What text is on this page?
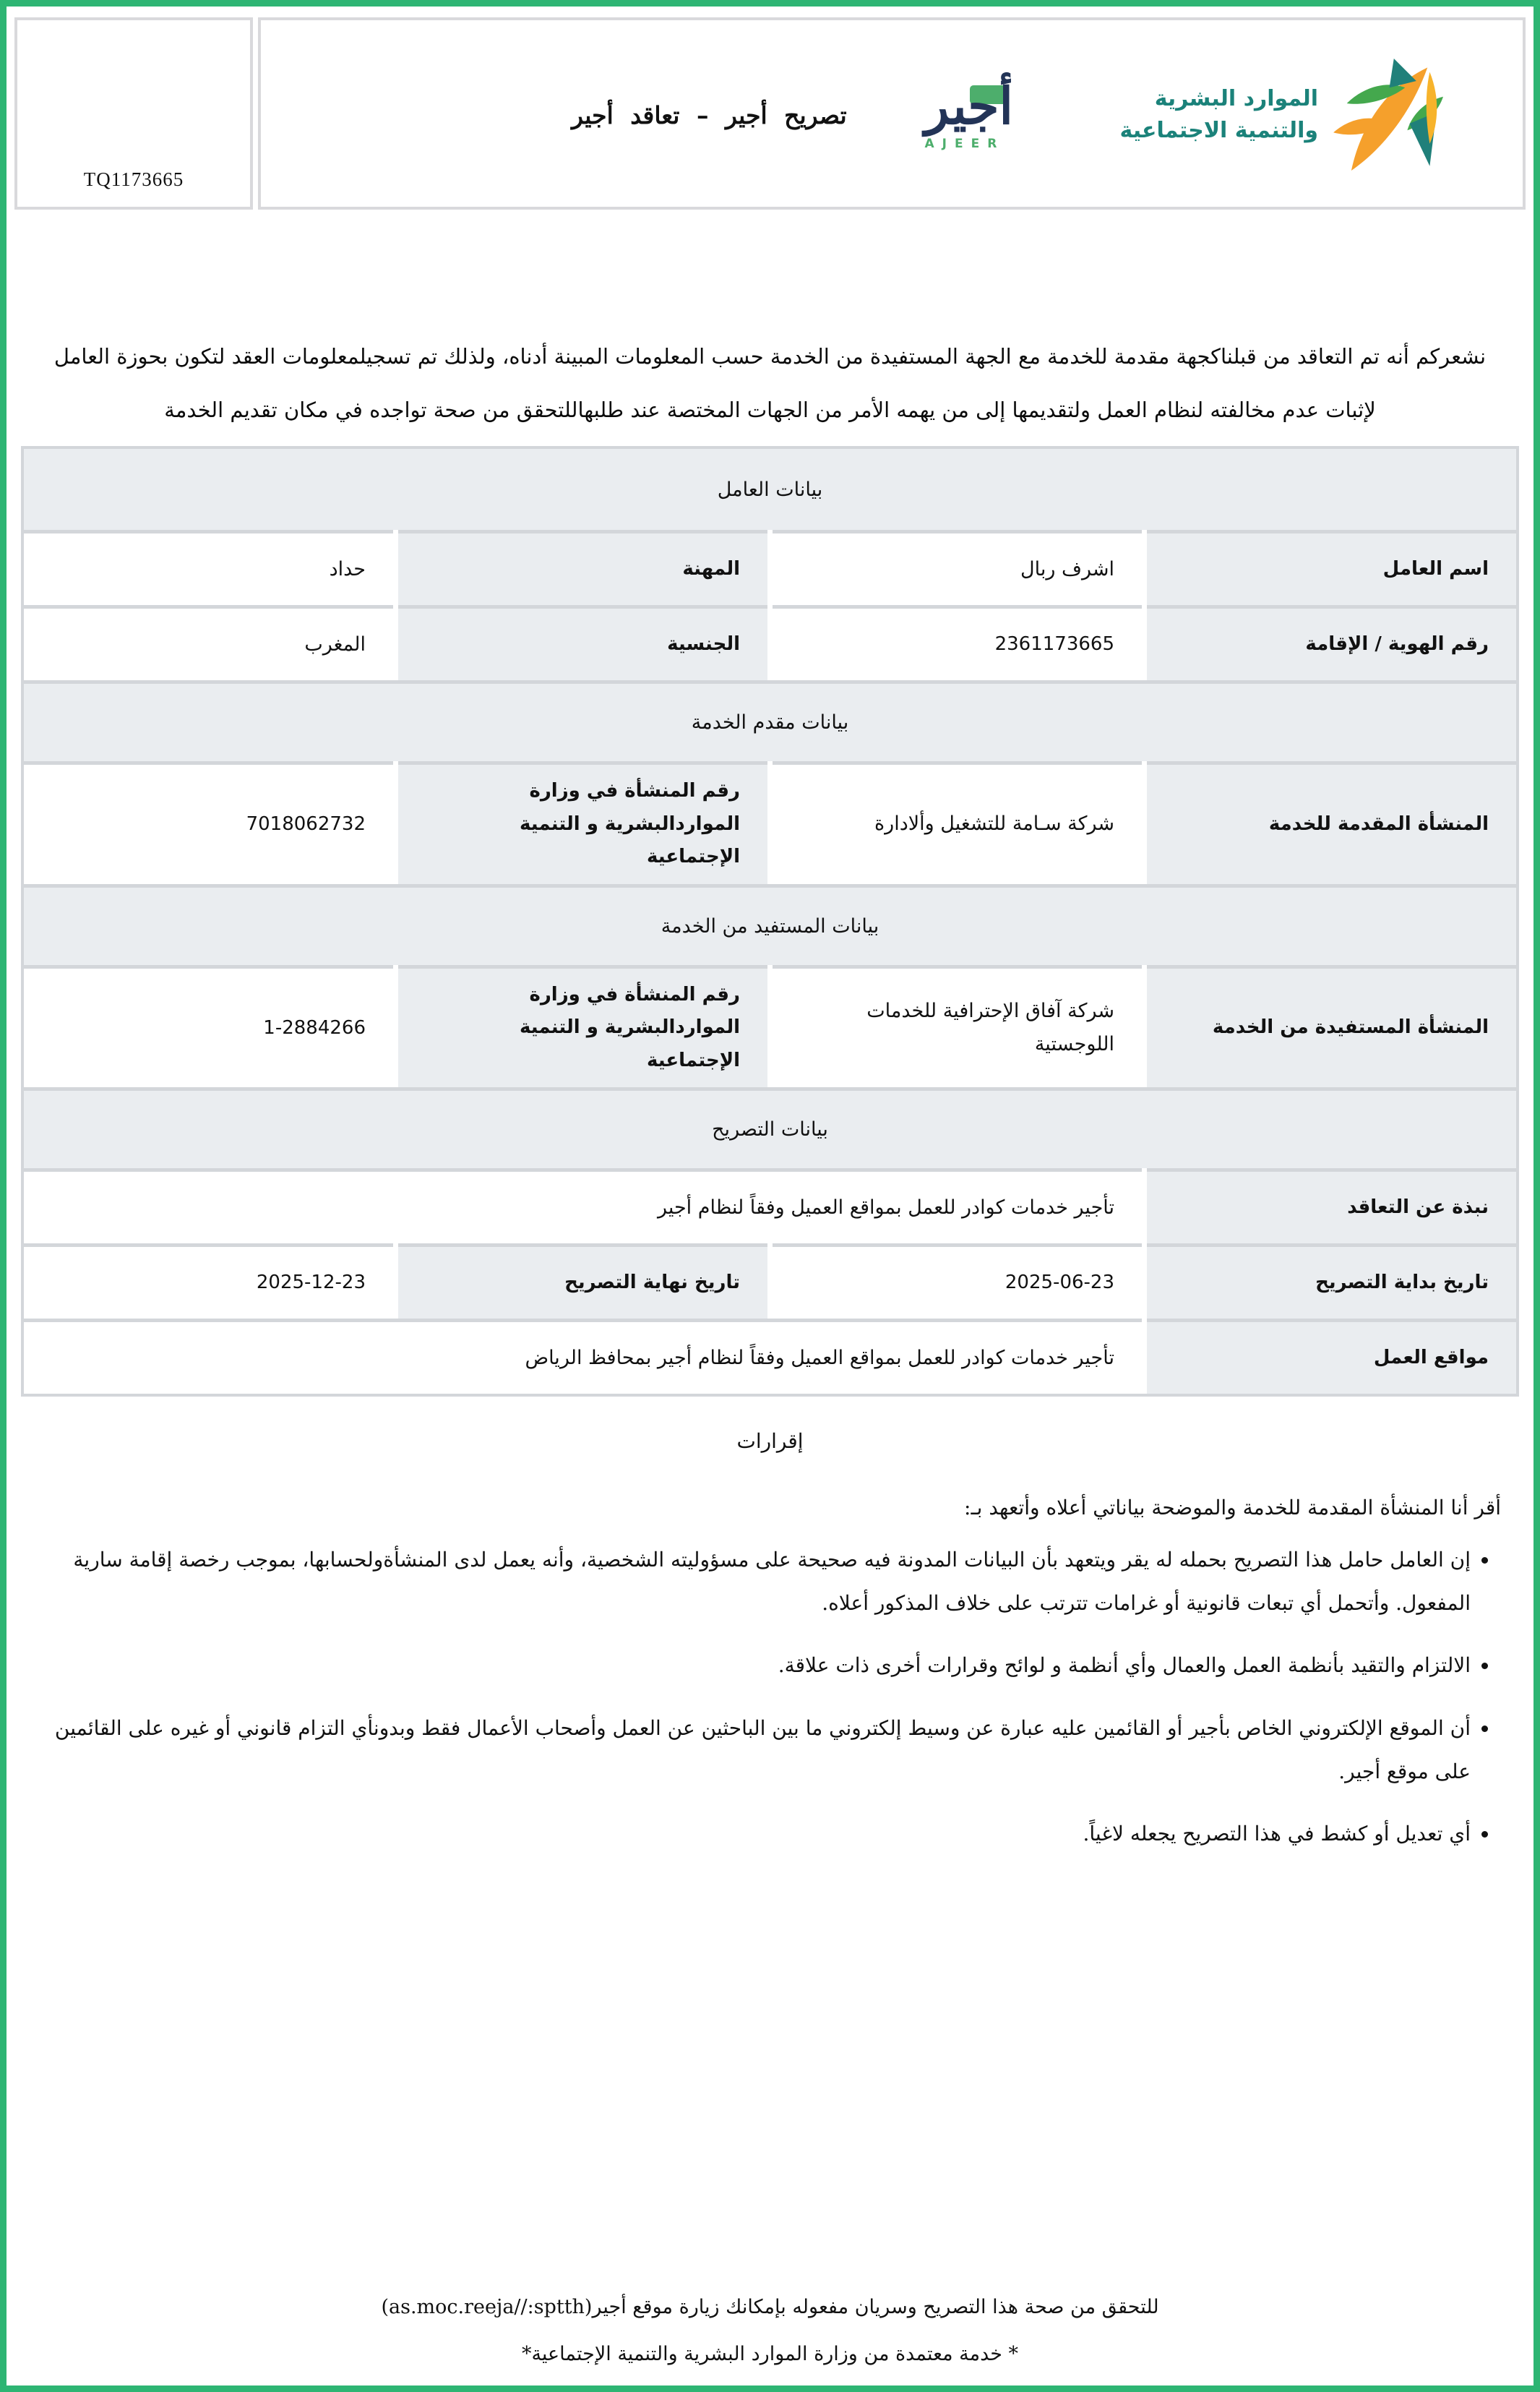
TQ1173665
تصريح أجير – تعاقد أجير أجير
AJEER
الموارد البشرية
والتنمية الاجتماعية
نشعركم أنه تم التعاقد من قبلناكجهة مقدمة للخدمة مع الجهة المستفيدة من الخدمة حسب المعلومات المبينة أدناه، ولذلك تم تسجيلمعلومات العقد لتكون بحوزة العامل لإثبات عدم مخالفته لنظام العمل ولتقديمها إلى من يهمه الأمر من الجهات المختصة عند طلبهاللتحقق من صحة تواجده في مكان تقديم الخدمة
بيانات العامل
اسم العامل
اشرف ربال
المهنة
حداد
رقم الهوية / الإقامة
2361173665
الجنسية
المغرب
بيانات مقدم الخدمة
المنشأة المقدمة للخدمة
شركة سـامة للتشغيل وألادارة
رقم المنشأة في وزارة المواردالبشرية و التنمية الإجتماعية
7018062732
بيانات المستفيد من الخدمة
المنشأة المستفيدة من الخدمة
شركة آفاق الإحترافية للخدمات اللوجستية
رقم المنشأة في وزارة المواردالبشرية و التنمية الإجتماعية
1-2884266
بيانات التصريح
نبذة عن التعاقد
تأجير خدمات كوادر للعمل بمواقع العميل وفقاً لنظام أجير
تاريخ بداية التصريح
2025-06-23
تاريخ نهاية التصريح
2025-12-23
مواقع العمل
تأجير خدمات كوادر للعمل بمواقع العميل وفقاً لنظام أجير بمحافظ الرياض
إقرارات

أقر أنا المنشأة المقدمة للخدمة والموضحة بياناتي أعلاه وأتعهد بـ:

• إن العامل حامل هذا التصريح بحمله له يقر ويتعهد بأن البيانات المدونة فيه صحيحة على مسؤوليته الشخصية، وأنه يعمل لدى المنشأةولحسابها، بموجب رخصة إقامة سارية المفعول. وأتحمل أي تبعات قانونية أو غرامات تترتب على خلاف المذكور أعلاه.
• الالتزام والتقيد بأنظمة العمل والعمال وأي أنظمة و لوائح وقرارات أخرى ذات علاقة.
• أن الموقع الإلكتروني الخاص بأجير أو القائمين عليه عبارة عن وسيط إلكتروني ما بين الباحثين عن العمل وأصحاب الأعمال فقط وبدونأي التزام قانوني أو غيره على القائمين على موقع أجير.
• أي تعديل أو كشط في هذا التصريح يجعله لاغياً.
للتحقق من صحة هذا التصريح وسريان مفعوله بإمكانك زيارة موقع أجير(as.moc.reeja//:sptth)
* خدمة معتمدة من وزارة الموارد البشرية والتنمية الإجتماعية*
